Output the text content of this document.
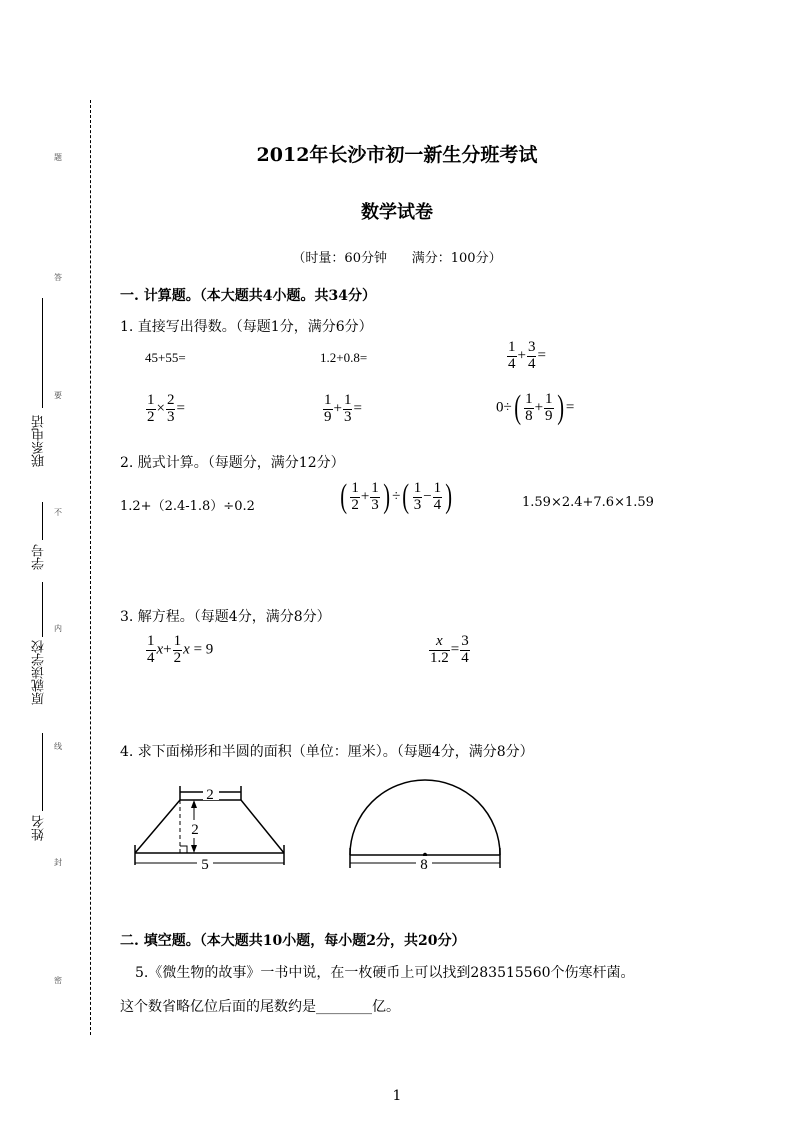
题
答
要
不
内
线
封
密
联系电话
学号
原就读学校
姓名
2012年长沙市初一新生分班考试
数学试卷
（时量：60分钟      满分：100分）
一. 计算题。（本大题共4小题。共34分）
1. 直接写出得数。（每题1分，满分6分）
45+55=	1.2+0.8=	$\frac{1}{4} + \frac{3}{4}$ =
$\frac{1}{2} \times \frac{2}{3}$ =	$\frac{1}{9} + \frac{1}{3}$ =	$0\div( \frac{1}{8} + \frac{1}{9}$ ) =
2. 脱式计算。（每题分，满分12分）
1.2+（2.4-1.8）÷0.2	( $\frac{1}{2} + \frac{1}{3}$ ) ÷( $\frac{1}{3} - \frac{1}{4}$ )	1.59×2.4+7.6×1.59
3. 解方程。（每题4分，满分8分）
$\frac{1}{4} x+ \frac{1}{2}$ x = 9	$\frac{x}{1.2} = \frac{3}{4}$
4. 求下面梯形和半圆的面积（单位：厘米）。（每题4分，满分8分）
2
2
5	8
二. 填空题。（本大题共10小题，每小题2分，共20分）
5.《微生物的故事》一书中说，在一枚硬币上可以找到283515560个伤寒杆菌。
这个数省略亿位后面的尾数约是________亿。
1
